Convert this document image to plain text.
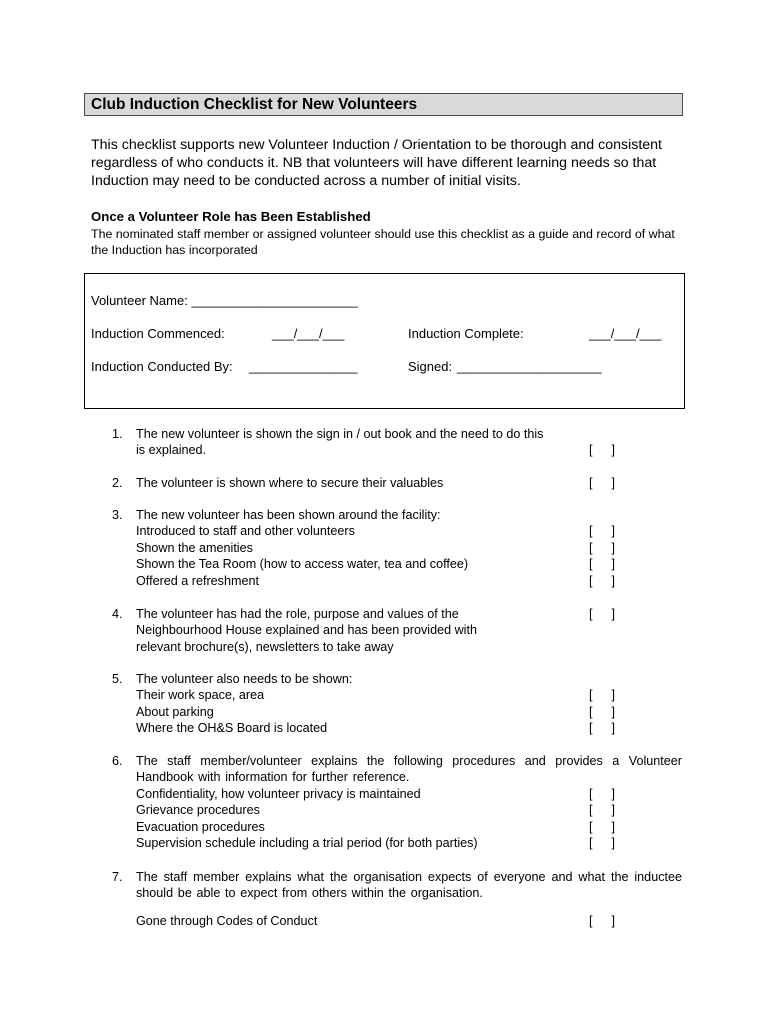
Club Induction Checklist for New Volunteers

This checklist supports new Volunteer Induction / Orientation to be thorough and consistent regardless of who conducts it. NB that volunteers will have different learning needs so that Induction may need to be conducted across a number of initial visits.

Once a Volunteer Role has Been Established

The nominated staff member or assigned volunteer should use this checklist as a guide and record of what the Induction has incorporated

Volunteer Name: _______________________
Induction Commenced:	___/___/___	Induction Complete:	___/___/___
Induction Conducted By: _______________	Signed: ____________________
1.	The new volunteer is shown the sign in / out book and the need to do this
is explained.	[ ]
2.	The volunteer is shown where to secure their valuables	[ ]
3.	The new volunteer has been shown around the facility:
Introduced to staff and other volunteers	[ ]
Shown the amenities	[ ]
Shown the Tea Room (how to access water, tea and coffee)	[ ]
Offered a refreshment	[ ]
4.	The volunteer has had the role, purpose and values of the	[ ]
Neighbourhood House explained and has been provided with
relevant brochure(s), newsletters to take away
5.	The volunteer also needs to be shown:
Their work space, area	[ ]
About parking	[ ]
Where the OH&S Board is located	[ ]
6.	The staff member/volunteer explains the following procedures and provides a Volunteer Handbook with information for further reference.
Confidentiality, how volunteer privacy is maintained	[ ]
Grievance procedures	[ ]
Evacuation procedures	[ ]
Supervision schedule including a trial period (for both parties)	[ ]
7.	The staff member explains what the organisation expects of everyone and what the inductee should be able to expect from others within the organisation.
Gone through Codes of Conduct	[ ]
